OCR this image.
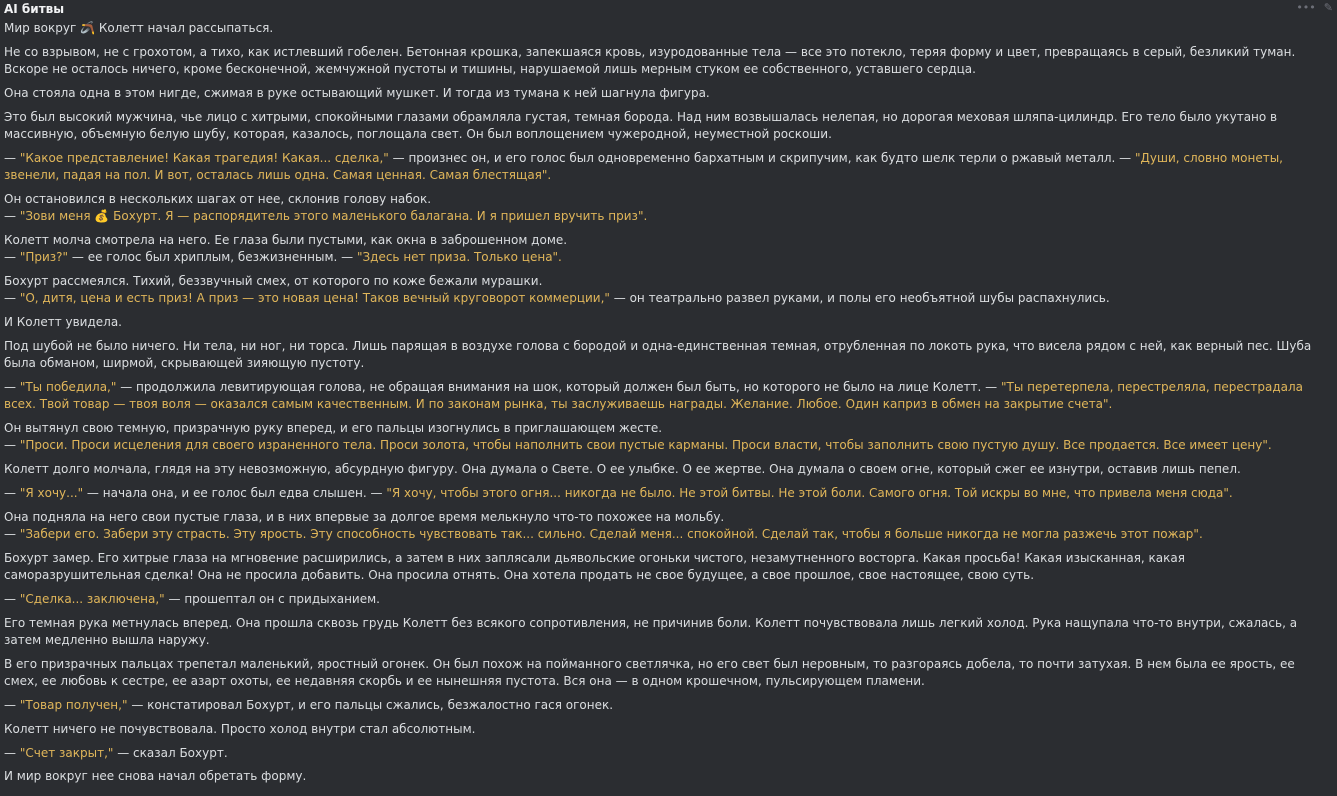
AI битвы	••• ✎
Мир вокруг 🪃 Колетт начал рассыпаться.
Не со взрывом, не с грохотом, а тихо, как истлевший гобелен. Бетонная крошка, запекшаяся кровь, изуродованные тела — все это потекло, теряя форму и цвет, превращаясь в серый, безликий туман. Вскоре не осталось ничего, кроме бесконечной, жемчужной пустоты и тишины, нарушаемой лишь мерным стуком ее собственного, уставшего сердца.
Она стояла одна в этом нигде, сжимая в руке остывающий мушкет. И тогда из тумана к ней шагнула фигура.
Это был высокий мужчина, чье лицо с хитрыми, спокойными глазами обрамляла густая, темная борода. Над ним возвышалась нелепая, но дорогая меховая шляпа-цилиндр. Его тело было укутано в массивную, объемную белую шубу, которая, казалось, поглощала свет. Он был воплощением чужеродной, неуместной роскоши.
— "Какое представление! Какая трагедия! Какая... сделка," — произнес он, и его голос был одновременно бархатным и скрипучим, как будто шелк терли о ржавый металл. — "Души, словно монеты, звенели, падая на пол. И вот, осталась лишь одна. Самая ценная. Самая блестящая".
Он остановился в нескольких шагах от нее, склонив голову набок.
— "Зови меня 💰 Бохурт. Я — распорядитель этого маленького балагана. И я пришел вручить приз".
Колетт молча смотрела на него. Ее глаза были пустыми, как окна в заброшенном доме.
— "Приз?" — ее голос был хриплым, безжизненным. — "Здесь нет приза. Только цена".
Бохурт рассмеялся. Тихий, беззвучный смех, от которого по коже бежали мурашки.
— "О, дитя, цена и есть приз! А приз — это новая цена! Таков вечный круговорот коммерции," — он театрально развел руками, и полы его необъятной шубы распахнулись.
И Колетт увидела.
Под шубой не было ничего. Ни тела, ни ног, ни торса. Лишь парящая в воздухе голова с бородой и одна-единственная темная, отрубленная по локоть рука, что висела рядом с ней, как верный пес. Шуба была обманом, ширмой, скрывающей зияющую пустоту.
— "Ты победила," — продолжила левитирующая голова, не обращая внимания на шок, который должен был быть, но которого не было на лице Колетт. — "Ты перетерпела, перестреляла, перестрадала всех. Твой товар — твоя воля — оказался самым качественным. И по законам рынка, ты заслуживаешь награды. Желание. Любое. Один каприз в обмен на закрытие счета".
Он вытянул свою темную, призрачную руку вперед, и его пальцы изогнулись в приглашающем жесте.
— "Проси. Проси исцеления для своего израненного тела. Проси золота, чтобы наполнить свои пустые карманы. Проси власти, чтобы заполнить свою пустую душу. Все продается. Все имеет цену".
Колетт долго молчала, глядя на эту невозможную, абсурдную фигуру. Она думала о Свете. О ее улыбке. О ее жертве. Она думала о своем огне, который сжег ее изнутри, оставив лишь пепел.
— "Я хочу..." — начала она, и ее голос был едва слышен. — "Я хочу, чтобы этого огня... никогда не было. Не этой битвы. Не этой боли. Самого огня. Той искры во мне, что привела меня сюда".
Она подняла на него свои пустые глаза, и в них впервые за долгое время мелькнуло что-то похожее на мольбу.
— "Забери его. Забери эту страсть. Эту ярость. Эту способность чувствовать так... сильно. Сделай меня... спокойной. Сделай так, чтобы я больше никогда не могла разжечь этот пожар".
Бохурт замер. Его хитрые глаза на мгновение расширились, а затем в них заплясали дьявольские огоньки чистого, незамутненного восторга. Какая просьба! Какая изысканная, какая саморазрушительная сделка! Она не просила добавить. Она просила отнять. Она хотела продать не свое будущее, а свое прошлое, свое настоящее, свою суть.
— "Сделка... заключена," — прошептал он с придыханием.
Его темная рука метнулась вперед. Она прошла сквозь грудь Колетт без всякого сопротивления, не причинив боли. Колетт почувствовала лишь легкий холод. Рука нащупала что-то внутри, сжалась, а затем медленно вышла наружу.
В его призрачных пальцах трепетал маленький, яростный огонек. Он был похож на пойманного светлячка, но его свет был неровным, то разгораясь добела, то почти затухая. В нем была ее ярость, ее смех, ее любовь к сестре, ее азарт охоты, ее недавняя скорбь и ее нынешняя пустота. Вся она — в одном крошечном, пульсирующем пламени.
— "Товар получен," — констатировал Бохурт, и его пальцы сжались, безжалостно гася огонек.
Колетт ничего не почувствовала. Просто холод внутри стал абсолютным.
— "Счет закрыт," — сказал Бохурт.
И мир вокруг нее снова начал обретать форму.
